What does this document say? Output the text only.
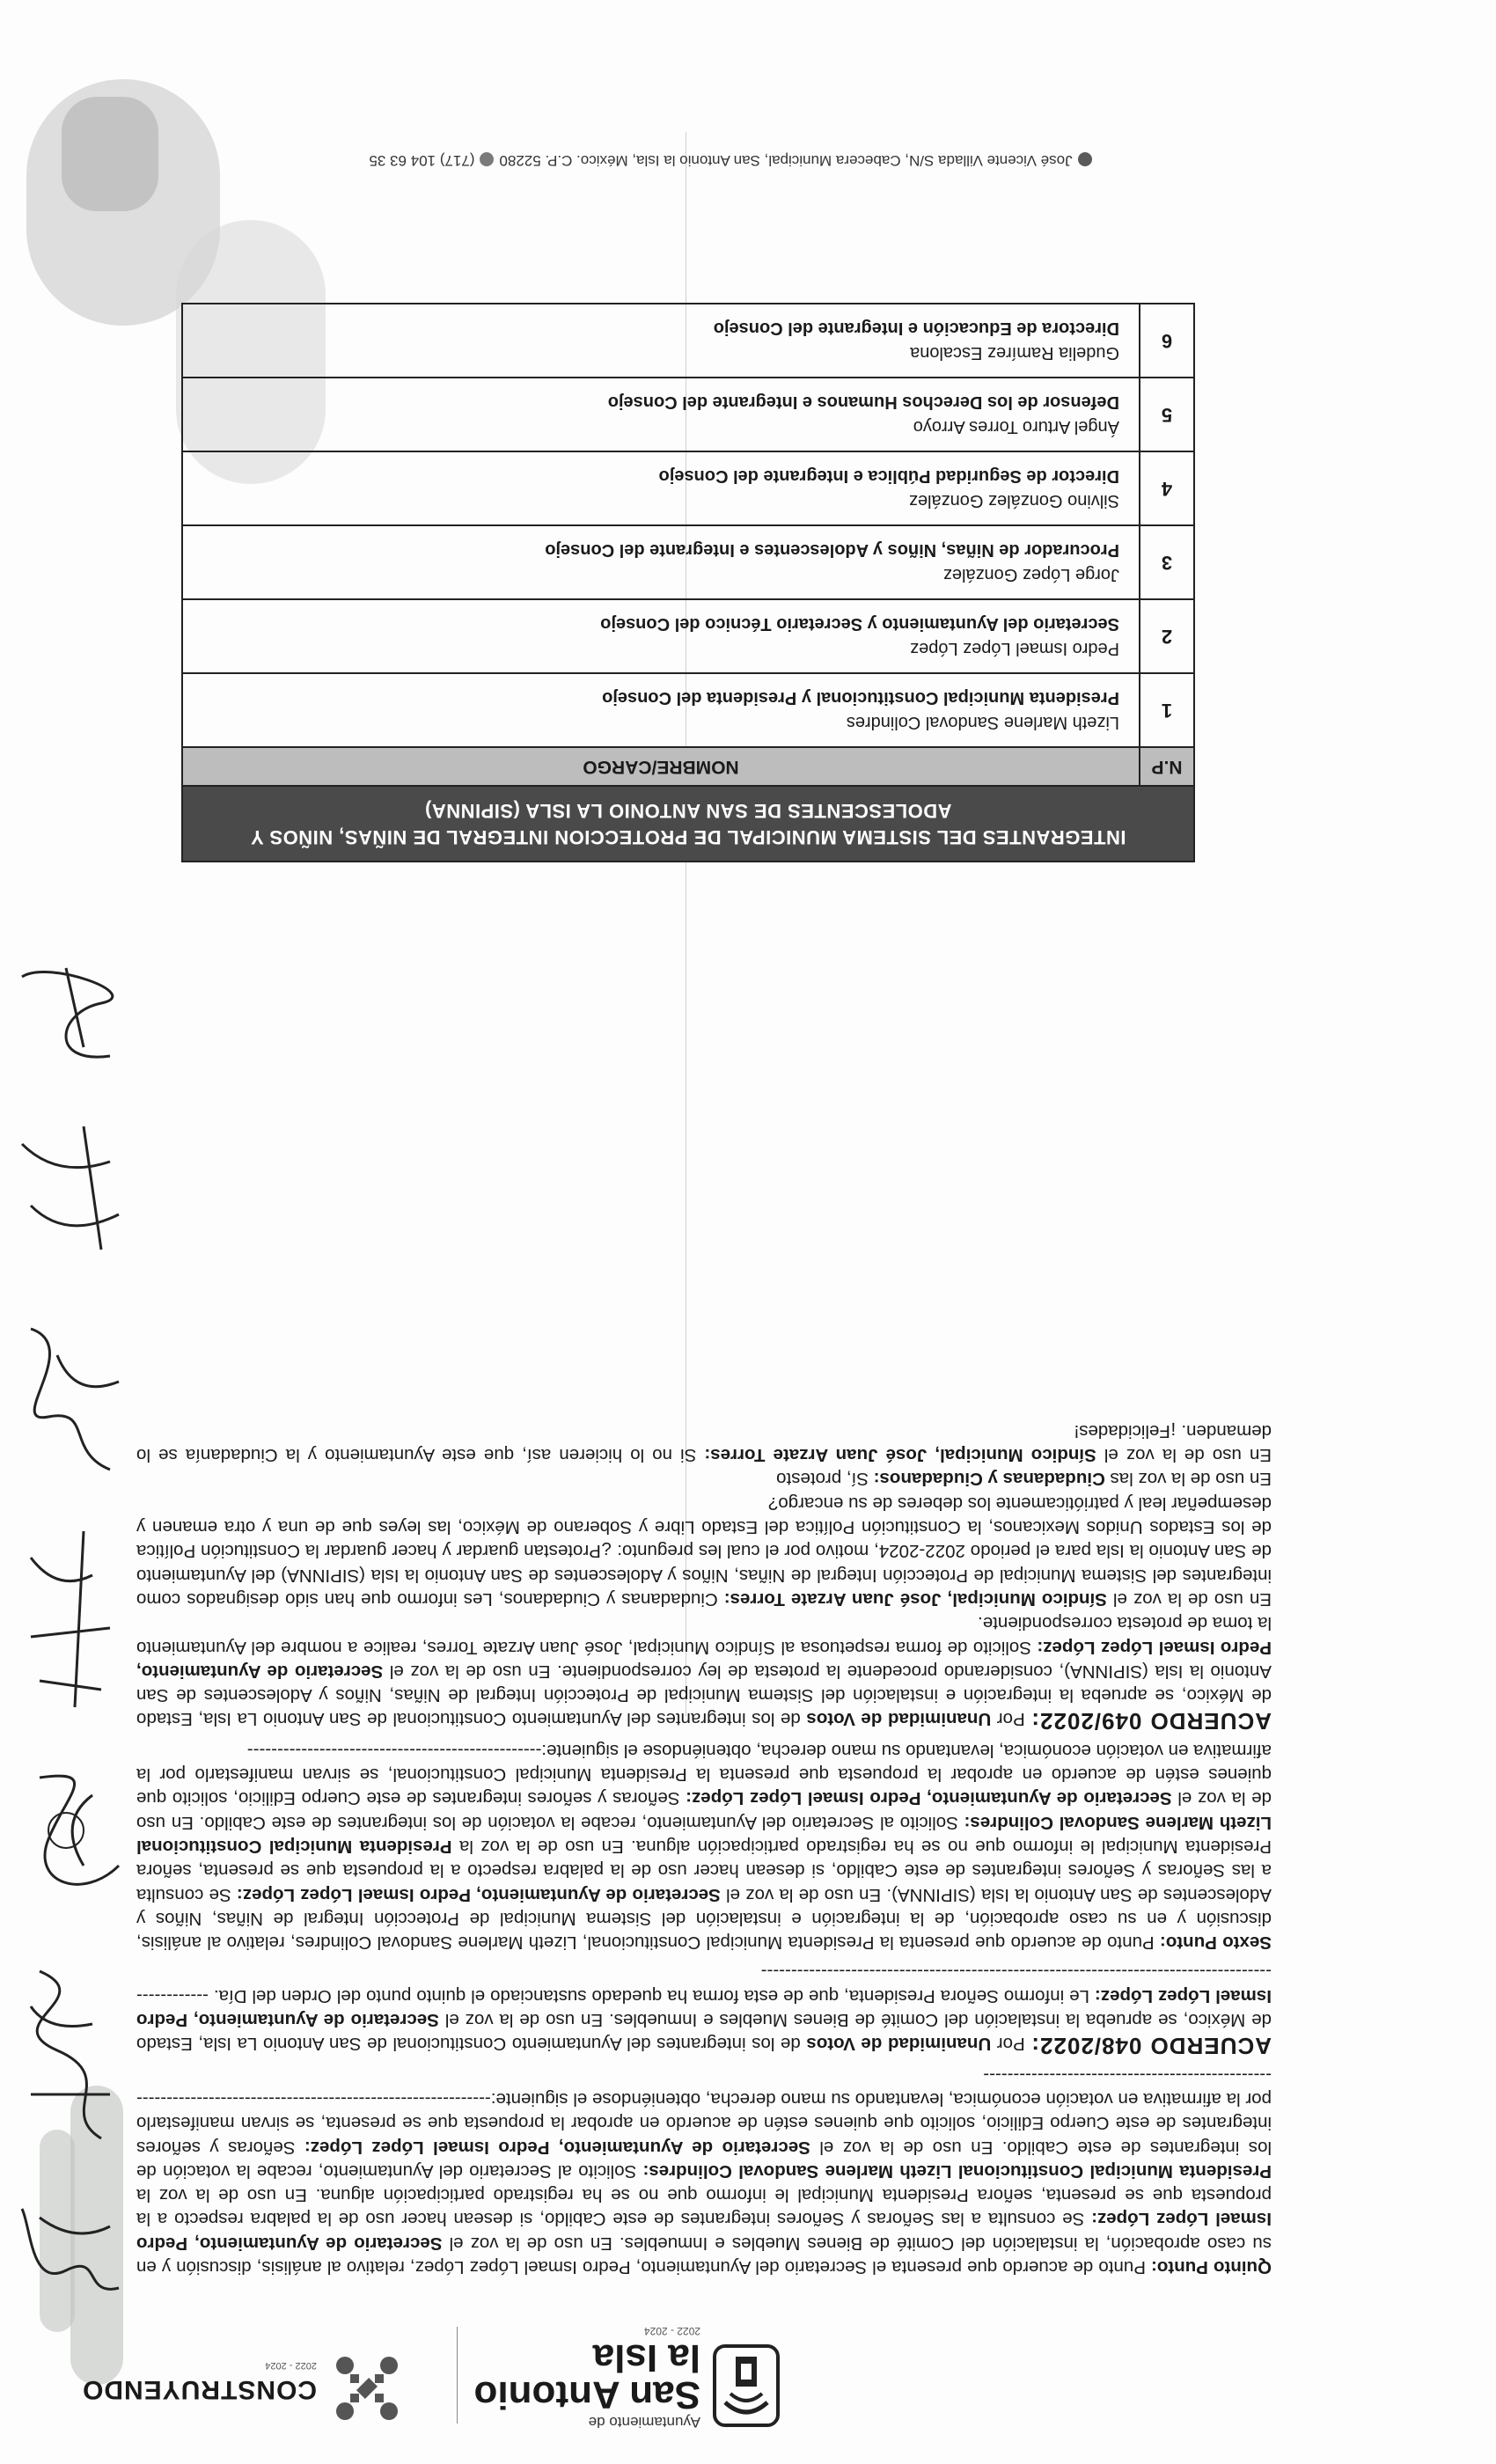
Ayuntamiento de
San Antonio
la Isla
2022 - 2024
CONSTRUYENDO
2022 - 2024

Quinto Punto: Punto de acuerdo que presenta el Secretario del Ayuntamiento, Pedro Ismael López López, relativo al análisis, discusión y en su caso aprobación, la instalación del Comité de Bienes Muebles e Inmuebles. En uso de la voz el Secretario de Ayuntamiento, Pedro Ismael López López: Se consulta a las Señoras y Señores integrantes de este Cabildo, si desean hacer uso de la palabra respecto a la propuesta que se presenta, señora Presidenta Municipal le informo que no se ha registrado participación alguna. En uso de la voz la Presidenta Municipal Constitucional Lizeth Marlene Sandoval Colindres: Solicito al Secretario del Ayuntamiento, recabe la votación de los integrantes de este Cabildo. En uso de la voz el Secretario de Ayuntamiento, Pedro Ismael López López: Señoras y señores integrantes de este Cuerpo Edilicio, solicito que quienes estén de acuerdo en aprobar la propuesta que se presenta, se sirvan manifestarlo por la afirmativa en votación económica, levantando su mano derecha, obteniéndose el siguiente:-----------------------------------------------------------------------------------------------------------

ACUERDO 048/2022: Por Unanimidad de Votos de los integrantes del Ayuntamiento Constitucional de San Antonio La Isla, Estado de México, se aprueba la instalación del Comité de Bienes Muebles e Inmuebles. En uso de la voz el Secretario de Ayuntamiento, Pedro Ismael López López: Le informo Señora Presidenta, que de esta forma ha quedado sustanciado el quinto punto del Orden del Día. -------------------------------------------------------------------------------------------------

Sexto Punto: Punto de acuerdo que presenta la Presidenta Municipal Constitucional, Lizeth Marlene Sandoval Colindres, relativo al análisis, discusión y en su caso aprobación, de la integración e instalación del Sistema Municipal de Protección Integral de Niñas, Niños y Adolescentes de San Antonio la Isla (SIPINNA). En uso de la voz el Secretario de Ayuntamiento, Pedro Ismael López López: Se consulta a las Señoras y Señores integrantes de este Cabildo, si desean hacer uso de la palabra respecto a la propuesta que se presenta, señora Presidenta Municipal le informo que no se ha registrado participación alguna. En uso de la voz la Presidenta Municipal Constitucional Lizeth Marlene Sandoval Colindres: Solicito al Secretario del Ayuntamiento, recabe la votación de los integrantes de este Cabildo. En uso de la voz el Secretario de Ayuntamiento, Pedro Ismael López López: Señoras y señores integrantes de este Cuerpo Edilicio, solicito que quienes estén de acuerdo en aprobar la propuesta que presenta la Presidenta Municipal Constitucional, se sirvan manifestarlo por la afirmativa en votación económica, levantando su mano derecha, obteniéndose el siguiente:-------------------------------------------------

ACUERDO 049/2022: Por Unanimidad de Votos de los integrantes del Ayuntamiento Constitucional de San Antonio La Isla, Estado de México, se aprueba la integración e instalación del Sistema Municipal de Protección Integral de Niñas, Niños y Adolescentes de San Antonio la Isla (SIPINNA), considerando procedente la protesta de ley correspondiente. En uso de la voz el Secretario de Ayuntamiento, Pedro Ismael López López: Solicito de forma respetuosa al Síndico Municipal, José Juan Arzate Torres, realice a nombre del Ayuntamiento la toma de protesta correspondiente.

En uso de la voz el Síndico Municipal, José Juan Arzate Torres: Ciudadanas y Ciudadanos, Les informo que han sido designados como integrantes del Sistema Municipal de Protección Integral de Niñas, Niños y Adolescentes de San Antonio la Isla (SIPINNA) del Ayuntamiento de San Antonio la Isla para el periodo 2022-2024, motivo por el cual les pregunto: ¿Protestan guardar y hacer guardar la Constitución Política de los Estados Unidos Mexicanos, la Constitución Política del Estado Libre y Soberano de México, las leyes que de una y otra emanen y desempeñar leal y patrióticamente los deberes de su encargo?

En uso de la voz las Ciudadanas y Ciudadanos: Sí, protesto

En uso de la voz el Síndico Municipal, José Juan Arzate Torres: Si no lo hicieren así, que este Ayuntamiento y la Ciudadanía se lo demanden. ¡Felicidades!

INTEGRANTES DEL SISTEMA MUNICIPAL DE PROTECCION INTEGRAL DE NIÑAS, NIÑOS Y ADOLESCENTES DE SAN ANTONIO LA ISLA (SIPINNA)	
N.P	NOMBRE/CARGO
1	Lizeth Marlene Sandoval Colindres
Presidenta Municipal Constitucional y Presidenta del Consejo

2	Pedro Ismael López López
Secretario del Ayuntamiento y Secretario Técnico del Consejo

3	Jorge López González
Procurador de Niñas, Niños y Adolescentes e Integrante del Consejo

4	Silvino González González
Director de Seguridad Pública e Integrante del Consejo

5	Ángel Arturo Torres Arroyo
Defensor de los Derechos Humanos e Integrante del Consejo

6	Gudelia Ramírez Escalona
Directora de Educación e Integrante del Consejo
José Vicente Villada S/N, Cabecera Municipal, San Antonio la Isla, México. C.P. 52280(717) 104 63 35
